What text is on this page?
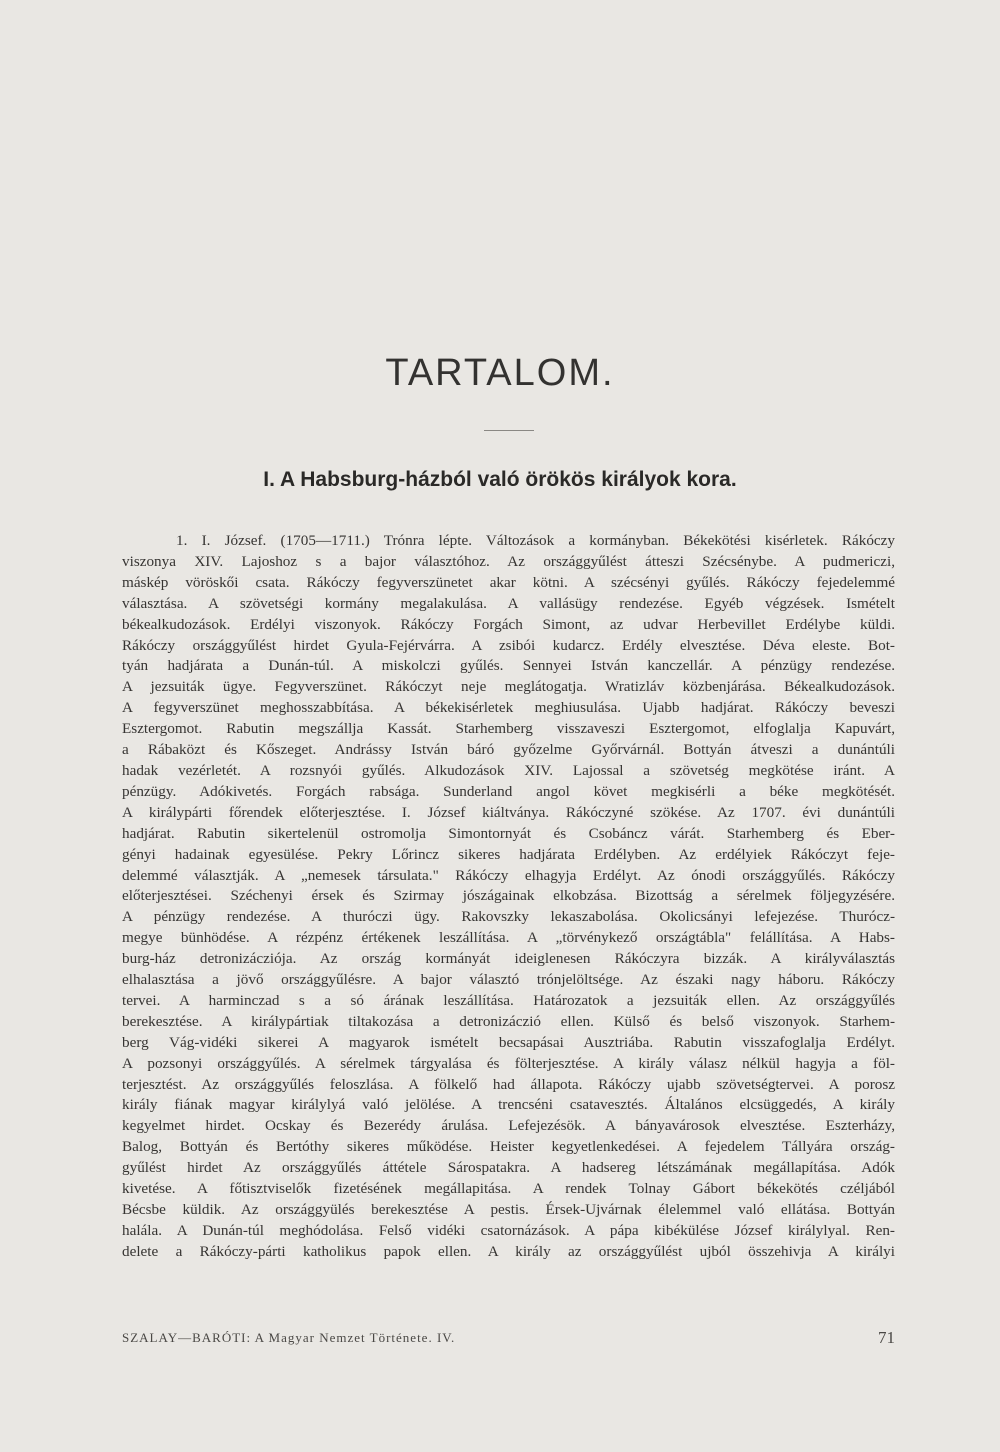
TARTALOM.
I. A Habsburg-házból való örökös királyok kora.
1. I. József. (1705—1711.) Trónra lépte. Változások a kormányban. Békekötési kisérletek. Rákóczy
viszonya XIV. Lajoshoz s a bajor választóhoz. Az országgyűlést átteszi Szécsénybe. A pudmericzi,
máskép vöröskői csata. Rákóczy fegyverszünetet akar kötni. A szécsényi gyűlés. Rákóczy fejedelemmé
választása. A szövetségi kormány megalakulása. A vallásügy rendezése. Egyéb végzések. Ismételt
békealkudozások. Erdélyi viszonyok. Rákóczy Forgách Simont, az udvar Herbevillet Erdélybe küldi.
Rákóczy országgyűlést hirdet Gyula-Fejérvárra. A zsibói kudarcz. Erdély elvesztése. Déva eleste. Bot-
tyán hadjárata a Dunán-túl. A miskolczi gyűlés. Sennyei István kanczellár. A pénzügy rendezése.
A jezsuiták ügye. Fegyverszünet. Rákóczyt neje meglátogatja. Wratizláv közbenjárása. Békealkudozások.
A fegyverszünet meghosszabbítása. A békekisérletek meghiusulása. Ujabb hadjárat. Rákóczy beveszi
Esztergomot. Rabutin megszállja Kassát. Starhemberg visszaveszi Esztergomot, elfoglalja Kapuvárt,
a Rábaközt és Kőszeget. Andrássy István báró győzelme Győrvárnál. Bottyán átveszi a dunántúli
hadak vezérletét. A rozsnyói gyűlés. Alkudozások XIV. Lajossal a szövetség megkötése iránt. A
pénzügy. Adókivetés. Forgách rabsága. Sunderland angol követ megkisérli a béke megkötését.
A királypárti főrendek előterjesztése. I. József kiáltványa. Rákóczyné szökése. Az 1707. évi dunántúli
hadjárat. Rabutin sikertelenül ostromolja Simontornyát és Csobáncz várát. Starhemberg és Eber-
gényi hadainak egyesülése. Pekry Lőrincz sikeres hadjárata Erdélyben. Az erdélyiek Rákóczyt feje-
delemmé választják. A „nemesek társulata." Rákóczy elhagyja Erdélyt. Az ónodi országgyűlés. Rákóczy
előterjesztései. Széchenyi érsek és Szirmay jószágainak elkobzása. Bizottság a sérelmek följegyzésére.
A pénzügy rendezése. A thuróczi ügy. Rakovszky lekaszabolása. Okolicsányi lefejezése. Thurócz-
megye bünhödése. A rézpénz értékenek leszállítása. A „törvénykező országtábla" felállítása. A Habs-
burg-ház detronizácziója. Az ország kormányát ideiglenesen Rákóczyra bizzák. A királyválasztás
elhalasztása a jövő országgyűlésre. A bajor választó trónjelöltsége. Az északi nagy háboru. Rákóczy
tervei. A harminczad s a só árának leszállítása. Határozatok a jezsuiták ellen. Az országgyűlés
berekesztése. A királypártiak tiltakozása a detronizáczió ellen. Külső és belső viszonyok. Starhem-
berg Vág-vidéki sikerei A magyarok ismételt becsapásai Ausztriába. Rabutin visszafoglalja Erdélyt.
A pozsonyi országgyűlés. A sérelmek tárgyalása és fölterjesztése. A király válasz nélkül hagyja a föl-
terjesztést. Az országgyűlés feloszlása. A fölkelő had állapota. Rákóczy ujabb szövetségtervei. A porosz
király fiának magyar királylyá való jelölése. A trencséni csatavesztés. Általános elcsüggedés, A király
kegyelmet hirdet. Ocskay és Bezerédy árulása. Lefejezésök. A bányavárosok elvesztése. Eszterházy,
Balog, Bottyán és Bertóthy sikeres működése. Heister kegyetlenkedései. A fejedelem Tállyára ország-
gyűlést hirdet Az országgyűlés áttétele Sárospatakra. A hadsereg létszámának megállapítása. Adók
kivetése. A főtisztviselők fizetésének megállapitása. A rendek Tolnay Gábort békekötés czéljából
Bécsbe küldik. Az országgyülés berekesztése A pestis. Érsek-Ujvárnak élelemmel való ellátása. Bottyán
halála. A Dunán-túl meghódolása. Felső vidéki csatornázások. A pápa kibékülése József királylyal. Ren-
delete a Rákóczy-párti katholikus papok ellen. A király az országgyűlést ujból összehivja A királyi
SZALAY—BARÓTI: A Magyar Nemzet Története. IV.	71
